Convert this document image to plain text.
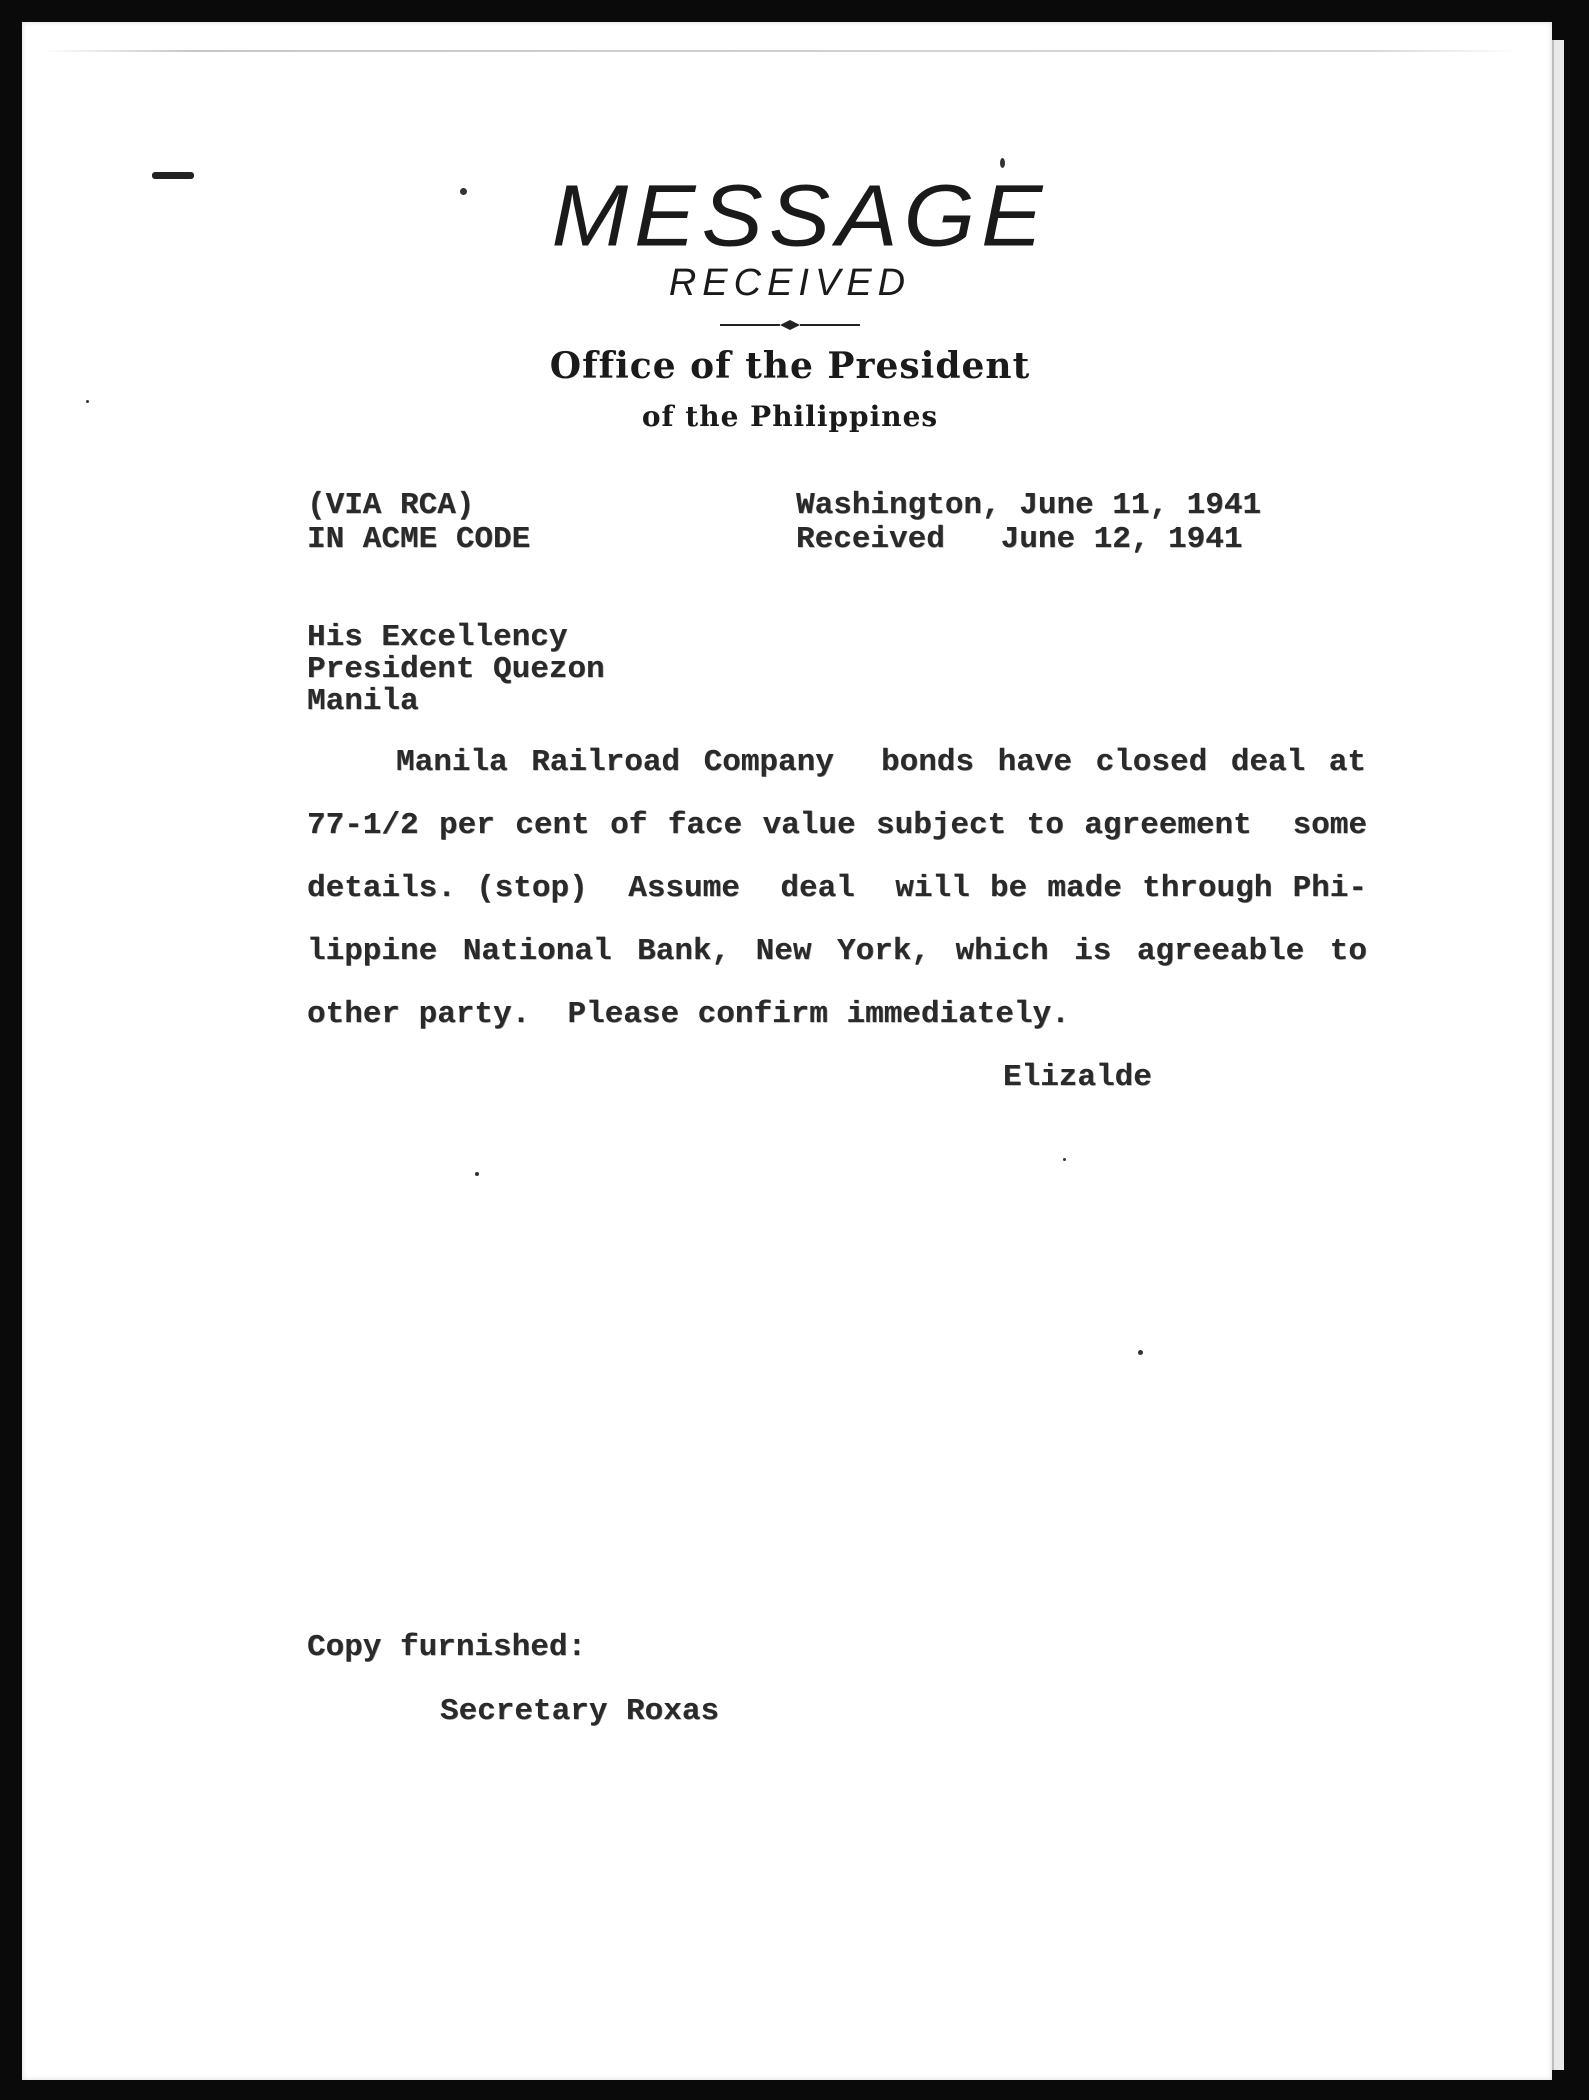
MESSAGE
RECEIVED
Office of the President
of the Philippines
(VIA RCA)
IN ACME CODE
Washington, June 11, 1941
Received   June 12, 1941
His Excellency
President Quezon
Manila
Manila Railroad Company  bonds have closed deal at
77-1/2 per cent of face value subject to agreement  some
details. (stop)  Assume  deal  will be made through Phi-
lippine National Bank, New York, which is agreeable to
other party.  Please confirm immediately.
Elizalde
Copy furnished:
Secretary Roxas
